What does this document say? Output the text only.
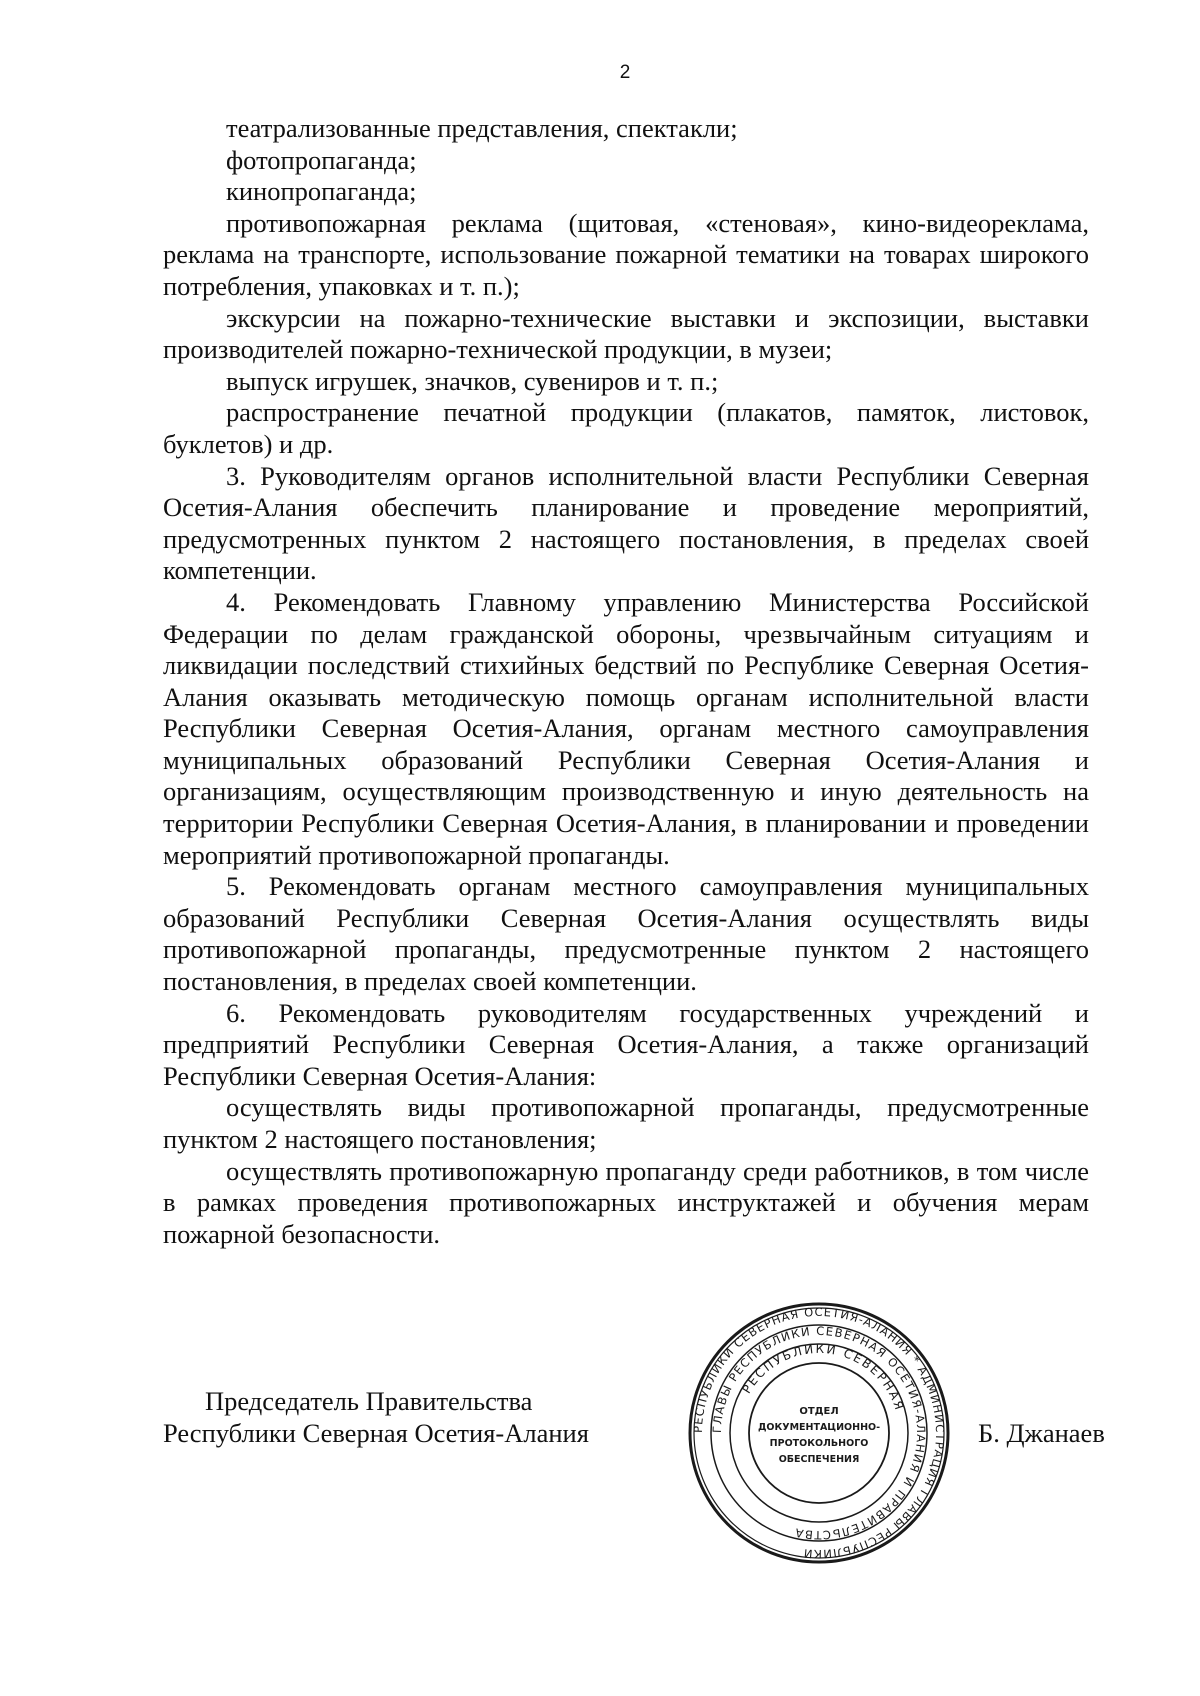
2

театрализованные представления, спектакли;

фотопропаганда;

кинопропаганда;

противопожарная реклама (щитовая, «стеновая», кино-видеореклама, реклама на транспорте, использование пожарной тематики на товарах широкого потребления, упаковках и т. п.);

экскурсии на пожарно-технические выставки и экспозиции, выставки производителей пожарно-технической продукции, в музеи;

выпуск игрушек, значков, сувениров и т. п.;

распространение печатной продукции (плакатов, памяток, листовок, буклетов) и др.

3. Руководителям органов исполнительной власти Республики Северная Осетия-Алания обеспечить планирование и проведение мероприятий, предусмотренных пунктом 2 настоящего постановления, в пределах своей компетенции.

4. Рекомендовать Главному управлению Министерства Российской Федерации по делам гражданской обороны, чрезвычайным ситуациям и ликвидации последствий стихийных бедствий по Республике Северная Осетия-Алания оказывать методическую помощь органам исполнительной власти Республики Северная Осетия-Алания, органам местного самоуправления муниципальных образований Республики Северная Осетия-Алания и организациям, осуществляющим производственную и иную деятельность на территории Республики Северная Осетия-Алания, в планировании и проведении мероприятий противопожарной пропаганды.

5. Рекомендовать органам местного самоуправления муниципальных образований Республики Северная Осетия-Алания осуществлять виды противопожарной пропаганды, предусмотренные пунктом 2 настоящего постановления, в пределах своей компетенции.

6. Рекомендовать руководителям государственных учреждений и предприятий Республики Северная Осетия-Алания, а также организаций Республики Северная Осетия-Алания:

осуществлять виды противопожарной пропаганды, предусмотренные пунктом 2 настоящего постановления;

осуществлять противопожарную пропаганду среди работников, в том числе в рамках проведения противопожарных инструктажей и обучения мерам пожарной безопасности.

Председатель Правительства
Республики Северная Осетия-Алания	РЕСПУБЛИКИ СЕВЕРНАЯ ОСЕТИЯ-АЛАНИЯ * АДМИНИСТРАЦИЯ ГЛАВЫ РЕСПУБЛИКИ
ГЛАВЫ РЕСПУБЛИКИ СЕВЕРНАЯ ОСЕТИЯ-АЛАНИЯ И ПРАВИТЕЛЬСТВА
РЕСПУБЛИКИ СЕВЕРНАЯ
ОТДЕЛ
ДОКУМЕНТАЦИОННО-
ПРОТОКОЛЬНОГО
ОБЕСПЕЧЕНИЯ
Б. Джанаев
